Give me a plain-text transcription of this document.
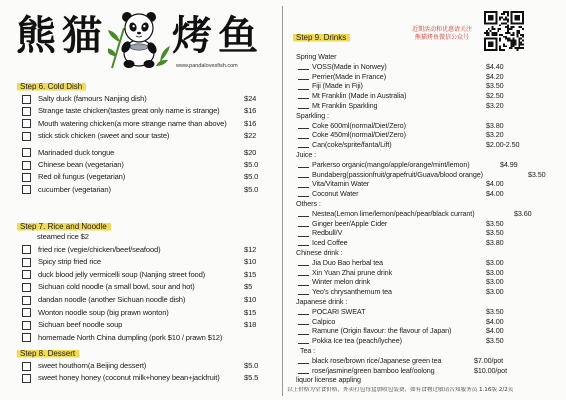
熊猫 烤鱼
www.pandalovesfish.com
Step 6. Cold Dish
Salty duck (famours Nanjing dish)	$24
Strange taste chicken(tastes great only name is strange)	$16
Mouth watering chicken(a more strange name than above) $16
stick stick chicken (sweet and sour taste)	$22
Marinaded duck tongue	$20
Chinese bean (vegetarian)	$5.0
Red oil fungus (vegetarian)	$5.0
cucumber (vegetarian)	$5.0
Step 7. Rice and Noodle
steamed rice $2
fried rice (vegie/chicken/beef/seafood)	$12
Spicy strip fried rice	$10
duck blood jelly vermicelli soup (Nanjing street food)	$15
Sichuan cold noodle (a small bowl, sour and hot)	$5
dandan noodle (another Sichuan noodle dish)	$10
Wonton noodle soup (big prawn wonton)	$15
Sichuan beef noodle soup	$18
homemade North China dumpling (pork $10 / prawn $12)
Step 8. Dessert
sweet houthorn(a Beijing dessert)	$5.0
sweet honey honey (coconut milk+honey bean+jackfruit)	$5.5
近期活动和优惠请关注
熊猫烤鱼微信公众号
Step 9. Drinks
Spring Water
VOSS(Made in Norwey)	$4.40
Perrier(Made in France)	$4.20
Fiji (Made in Fiji)	$3.50
Mt Franklin (Made in Australia)	$2.50
Mt Franklin Sparkling	$3.20
Sparkling :
Coke 600ml(normal/Diet/Zero)	$3.80
Coke 450ml(normal/Diet/Zero)	$3.20
Can(coke/sprite/fanta/Lift)	$2.00-2.50
Juice :
Parkerso organic(mango/apple/orange/mint/lemon)	$4.99
Bundaberg(passionfruit/grapefruit/Guava/blood orange)	$3.50
Vita/Vitamin Water	$4.00
Coconut Water	$4.00
Others :
Nestea(Lemon lime/lemon/peach/pear/black currant)	$3.60
Ginger beer/Apple Cider	$3.50
Redbull/V	$3.50
Iced Coffee	$3.80
Chinese drink :
Jia Duo Bao herbal tea	$3.00
Xin Yuan Zhai prune drink	$3.00
Winter melon drink	$3.00
Yeo's chrysanthemum tea	$3.00
Japanese drink :
POCARI SWEAT	$3.50
Calpico	$4.00
Ramune (Origin flavour: the flavour of Japan)	$4.00
Pokka Ice tea (peach/lychee)	$3.50
Tea :
black rose/brown rice/Japanese green tea	$7.00/pot
rose/jasmine/green bamboo leaf/oolong	$10.00/pot
liquor license appling
以上价格为堂食价格，外卖打包每盒加收包装费，如有食物过敏请告知服务员 1.16版 2/2页
